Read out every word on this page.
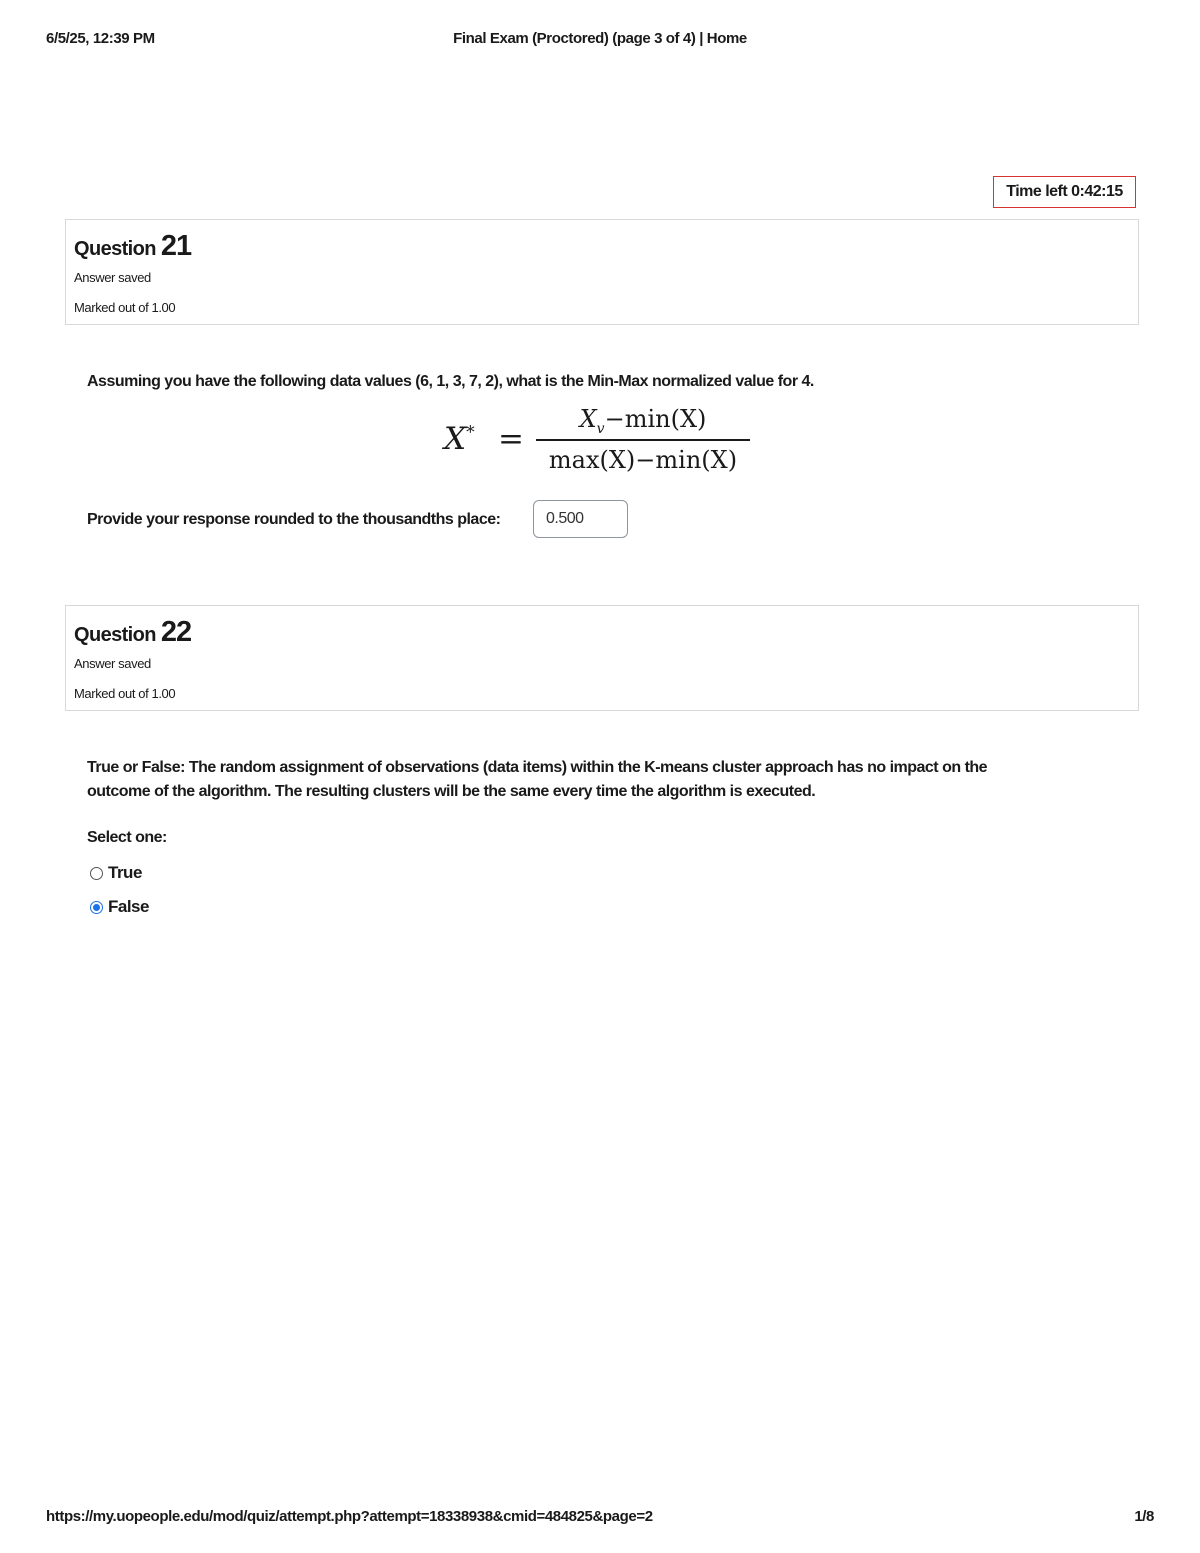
6/5/25, 12:39 PM	Final Exam (Proctored) (page 3 of 4) | Home
Time left 0:42:15
Question 21
Answer saved
Marked out of 1.00
Assuming you have the following data values (6, 1, 3, 7, 2), what is the Min-Max normalized value for 4.
X* =
$X_v-\min(X)$
max(X)−min(X)
Provide your response rounded to the thousandths place:
0.500
Question 22
Answer saved
Marked out of 1.00
True or False: The random assignment of observations (data items) within the K-means cluster approach has no impact on the
outcome of the algorithm. The resulting clusters will be the same every time the algorithm is executed.
Select one:
True
False
https://my.uopeople.edu/mod/quiz/attempt.php?attempt=18338938&cmid=484825&page=2	1/8
